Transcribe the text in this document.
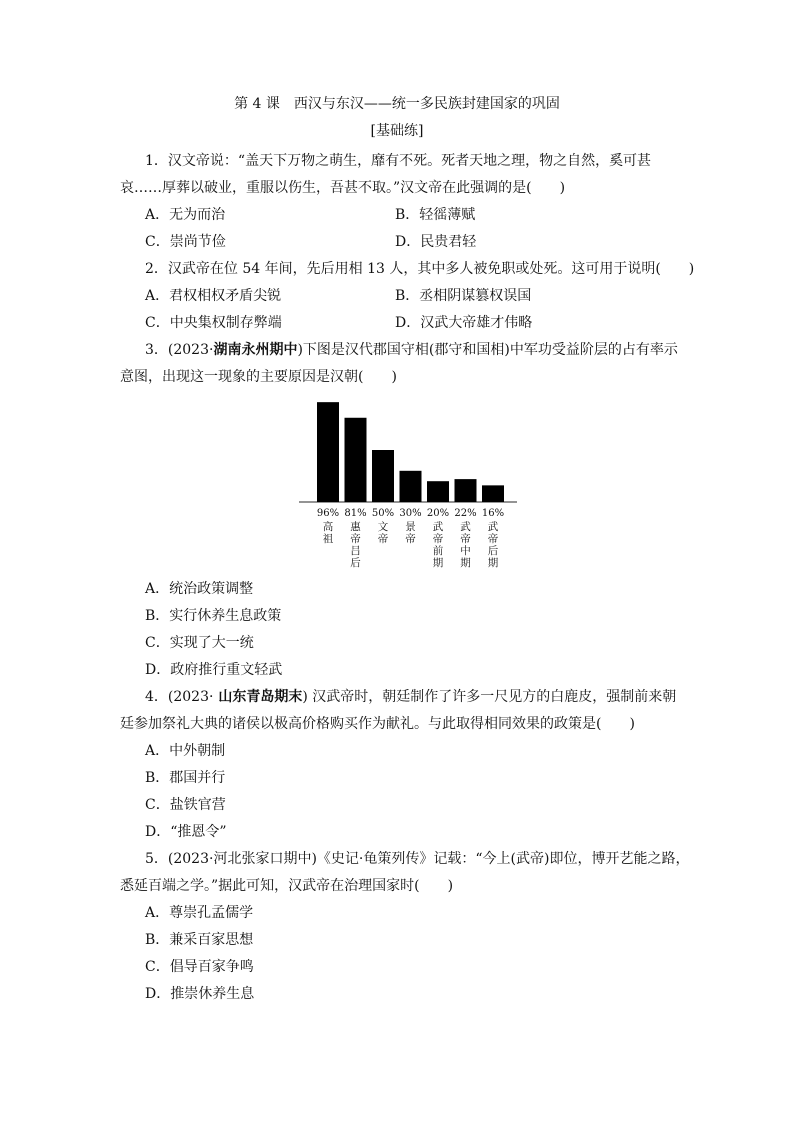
第 4 课　西汉与东汉——统一多民族封建国家的巩固
[基础练]
1．汉文帝说：“盖天下万物之萌生，靡有不死。死者天地之理，物之自然，奚可甚
哀……厚葬以破业，重服以伤生，吾甚不取。”汉文帝在此强调的是(　　)
A．无为而治	B．轻徭薄赋
C．崇尚节俭	D．民贵君轻
2．汉武帝在位 54 年间，先后用相 13 人，其中多人被免职或处死。这可用于说明(　　)
A．君权相权矛盾尖锐	B．丞相阴谋篡权误国
C．中央集权制存弊端	D．汉武大帝雄才伟略
3．(2023·湖南永州期中)下图是汉代郡国守相(郡守和国相)中军功受益阶层的占有率示
意图，出现这一现象的主要原因是汉朝(　　)
96% 81% 50% 30% 20% 22% 16%
高祖
惠帝吕后
文帝
景帝
武帝前期
武帝中期
武帝后期
A．统治政策调整
B．实行休养生息政策
C．实现了大一统
D．政府推行重文轻武
4．(2023· 山东青岛期末) 汉武帝时，朝廷制作了许多一尺见方的白鹿皮，强制前来朝
廷参加祭礼大典的诸侯以极高价格购买作为献礼。与此取得相同效果的政策是(　　)
A．中外朝制
B．郡国并行
C．盐铁官营
D．“推恩令”
5．(2023·河北张家口期中)《史记·龟策列传》记载：“今上(武帝)即位，博开艺能之路，
悉延百端之学。”据此可知，汉武帝在治理国家时(　　)
A．尊崇孔孟儒学
B．兼采百家思想
C．倡导百家争鸣
D．推崇休养生息
